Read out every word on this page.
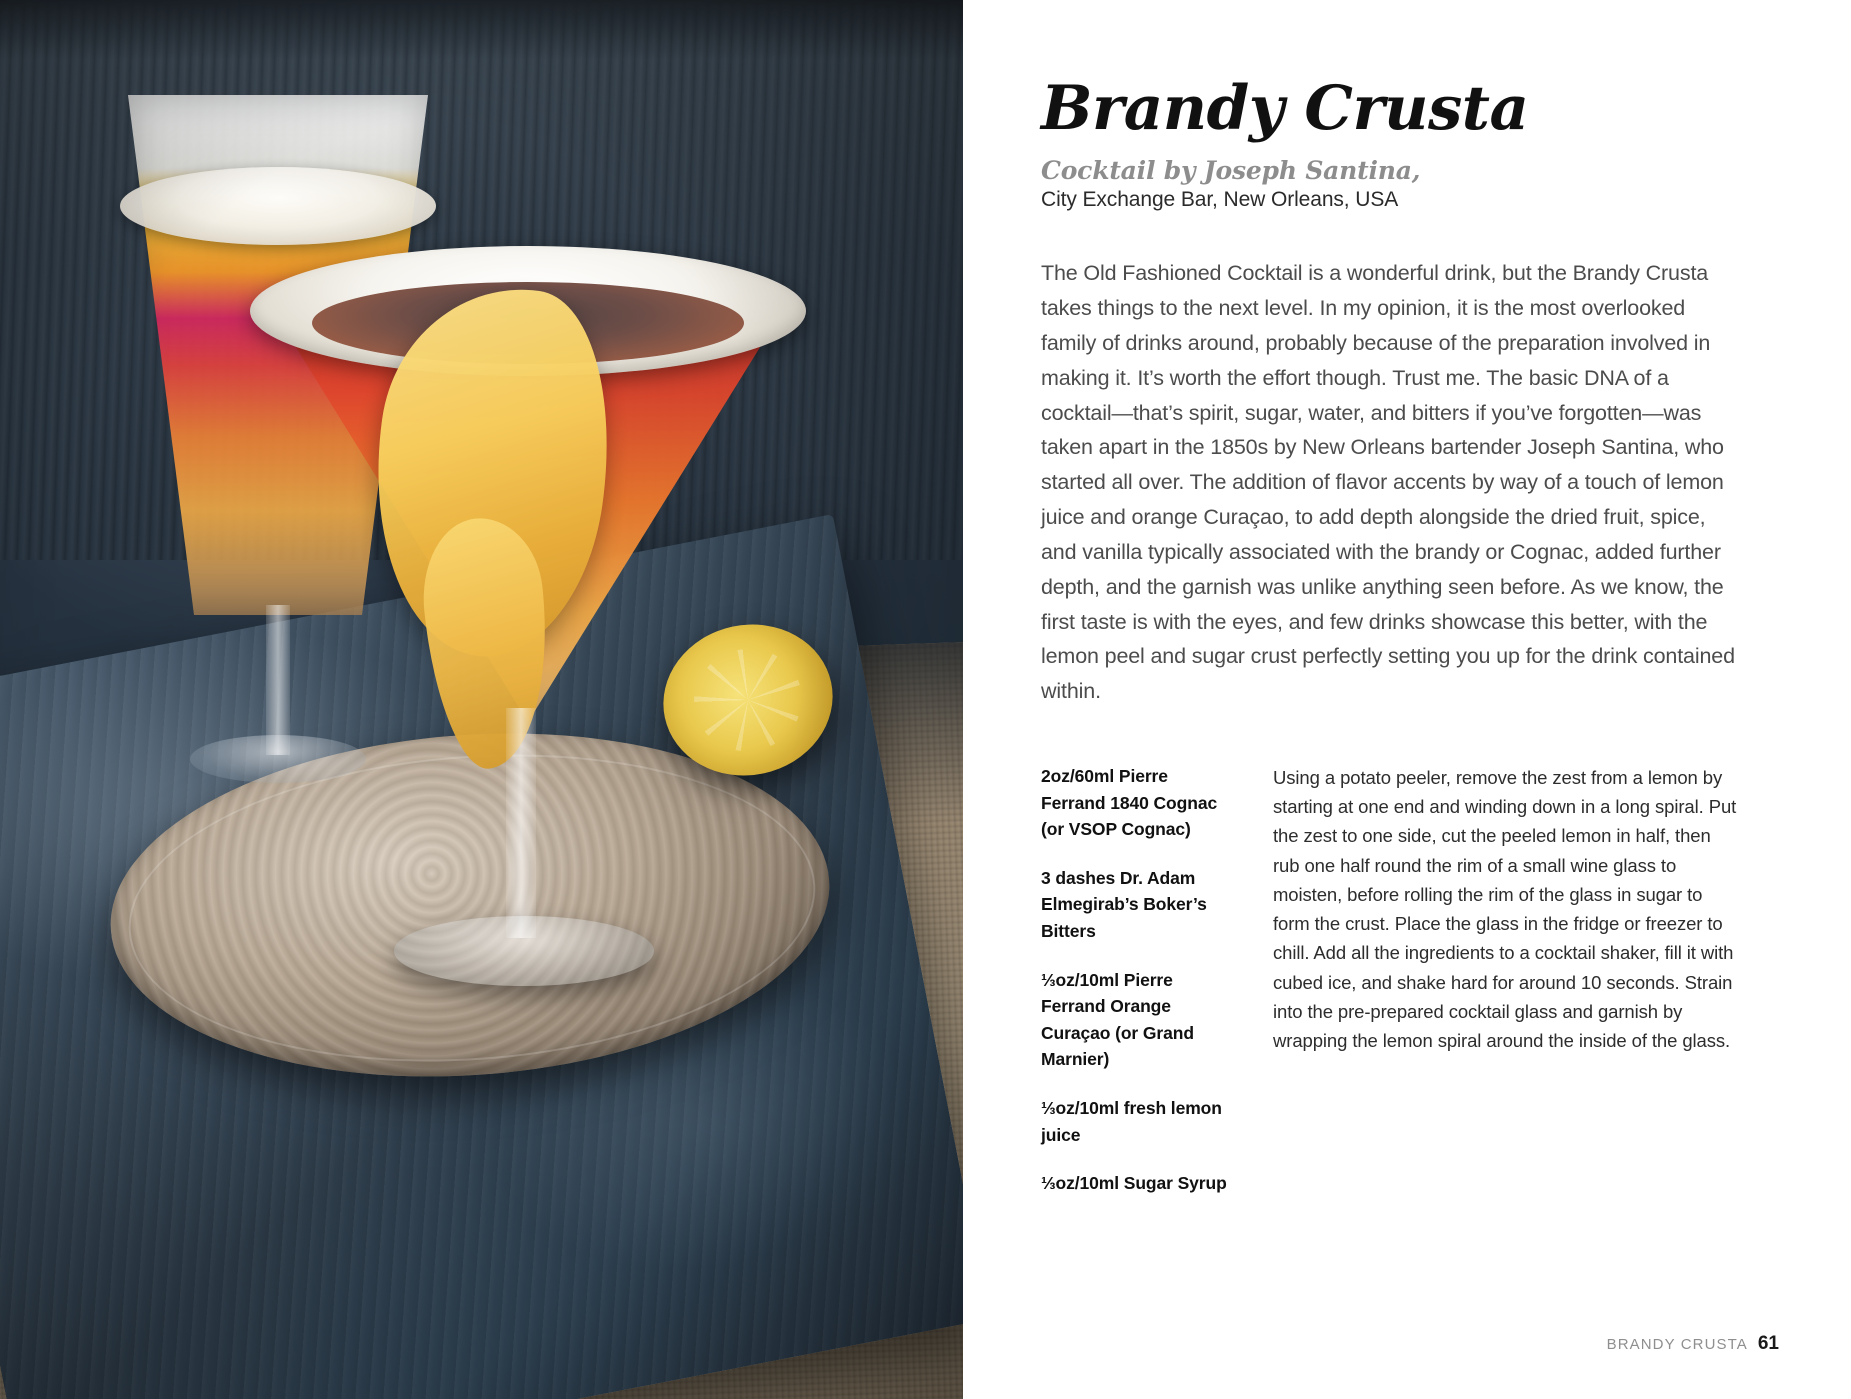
Brandy Crusta
Cocktail by Joseph Santina,
City Exchange Bar, New Orleans, USA

The Old Fashioned Cocktail is a wonderful drink, but the Brandy Crusta takes things to the next level. In my opinion, it is the most overlooked family of drinks around, probably because of the preparation involved in making it. It’s worth the effort though. Trust me. The basic DNA of a cocktail—that’s spirit, sugar, water, and bitters if you’ve forgotten—was taken apart in the 1850s by New Orleans bartender Joseph Santina, who started all over. The addition of flavor accents by way of a touch of lemon juice and orange Curaçao, to add depth alongside the dried fruit, spice, and vanilla typically associated with the brandy or Cognac, added further depth, and the garnish was unlike anything seen before. As we know, the first taste is with the eyes, and few drinks showcase this better, with the lemon peel and sugar crust perfectly setting you up for the drink contained within.

2oz/60ml Pierre Ferrand 1840 Cognac (or VSOP Cognac)

3 dashes Dr. Adam Elmegirab’s Boker’s Bitters

⅓oz/10ml Pierre Ferrand Orange Curaçao (or Grand Marnier)

⅓oz/10ml fresh lemon juice

⅓oz/10ml Sugar Syrup

Using a potato peeler, remove the zest from a lemon by starting at one end and winding down in a long spiral. Put the zest to one side, cut the peeled lemon in half, then rub one half round the rim of a small wine glass to moisten, before rolling the rim of the glass in sugar to form the crust. Place the glass in the fridge or freezer to chill. Add all the ingredients to a cocktail shaker, fill it with cubed ice, and shake hard for around 10 seconds. Strain into the pre-prepared cocktail glass and garnish by wrapping the lemon spiral around the inside of the glass.
BRANDY CRUSTA 61
